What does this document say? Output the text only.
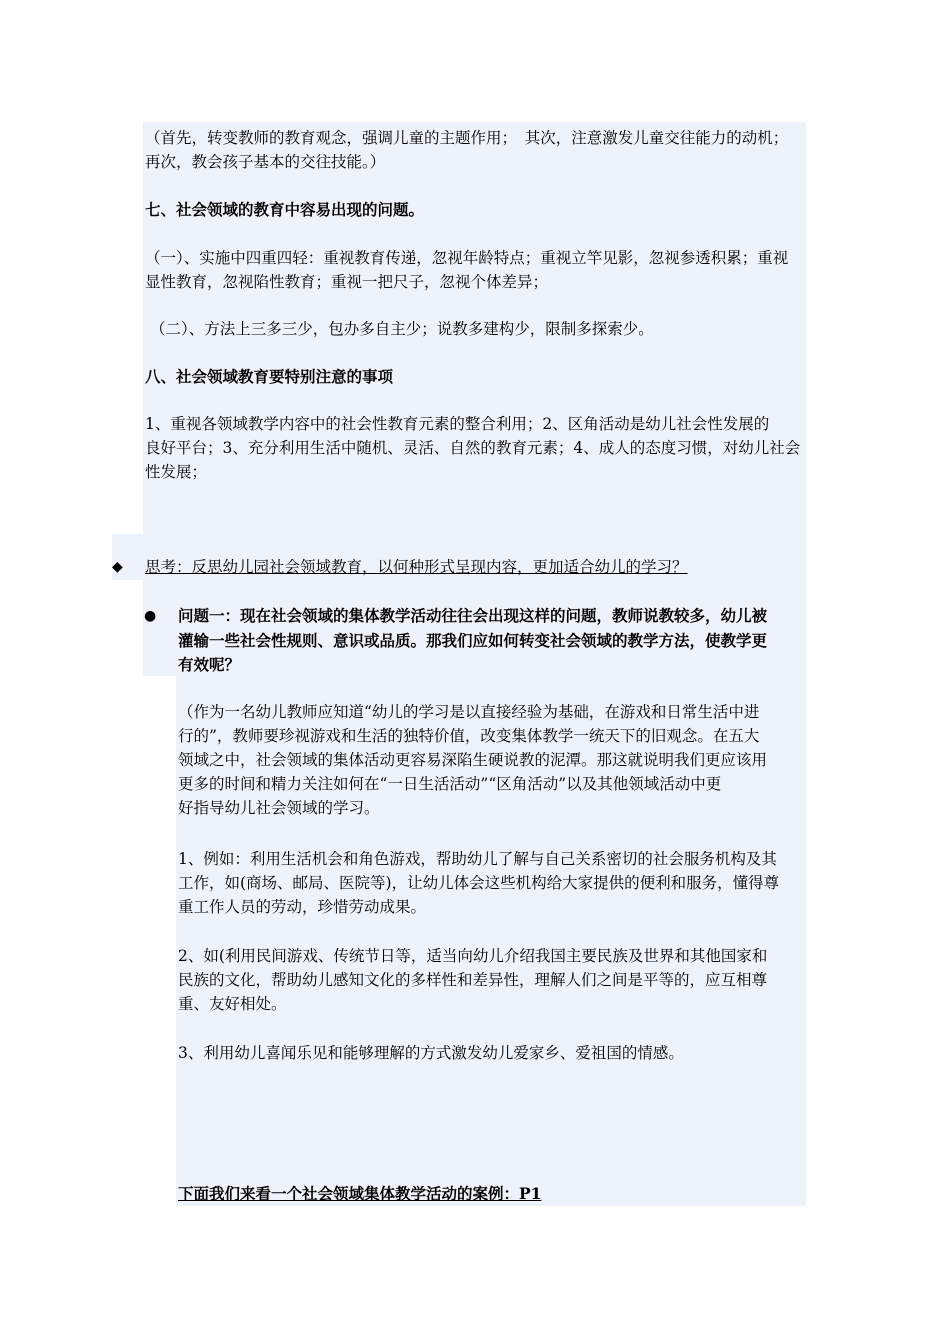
（首先，转变教师的教育观念，强调儿童的主题作用；　其次，注意激发儿童交往能力的动机；
再次，教会孩子基本的交往技能。）
七、社会领域的教育中容易出现的问题。
（一）、实施中四重四轻：重视教育传递，忽视年龄特点；重视立竿见影，忽视参透积累；重视
显性教育，忽视陷性教育；重视一把尺子，忽视个体差异；
（二）、方法上三多三少，包办多自主少；说教多建构少，限制多探索少。
八、社会领域教育要特别注意的事项
1、重视各领域教学内容中的社会性教育元素的整合利用；2、区角活动是幼儿社会性发展的
良好平台；3、充分利用生活中随机、灵活、自然的教育元素；4、成人的态度习惯，对幼儿社会
性发展；
◆ 思考：反思幼儿园社会领域教育，以何种形式呈现内容，更加适合幼儿的学习？
● 问题一：现在社会领域的集体教学活动往往会出现这样的问题，教师说教较多，幼儿被
灌输一些社会性规则、意识或品质。那我们应如何转变社会领域的教学方法，使教学更
有效呢？
（作为一名幼儿教师应知道“幼儿的学习是以直接经验为基础，在游戏和日常生活中进
行的”，教师要珍视游戏和生活的独特价值，改变集体教学一统天下的旧观念。在五大
领域之中，社会领域的集体活动更容易深陷生硬说教的泥潭。那这就说明我们更应该用
更多的时间和精力关注如何在“一日生活活动”“区角活动”以及其他领域活动中更
好指导幼儿社会领域的学习。
1、例如：利用生活机会和角色游戏，帮助幼儿了解与自己关系密切的社会服务机构及其
工作，如(商场、邮局、医院等)，让幼儿体会这些机构给大家提供的便利和服务，懂得尊
重工作人员的劳动，珍惜劳动成果。
2、如(利用民间游戏、传统节日等，适当向幼儿介绍我国主要民族及世界和其他国家和
民族的文化，帮助幼儿感知文化的多样性和差异性，理解人们之间是平等的，应互相尊
重、友好相处。
3、利用幼儿喜闻乐见和能够理解的方式激发幼儿爱家乡、爱祖国的情感。
下面我们来看一个社会领域集体教学活动的案例：P1
